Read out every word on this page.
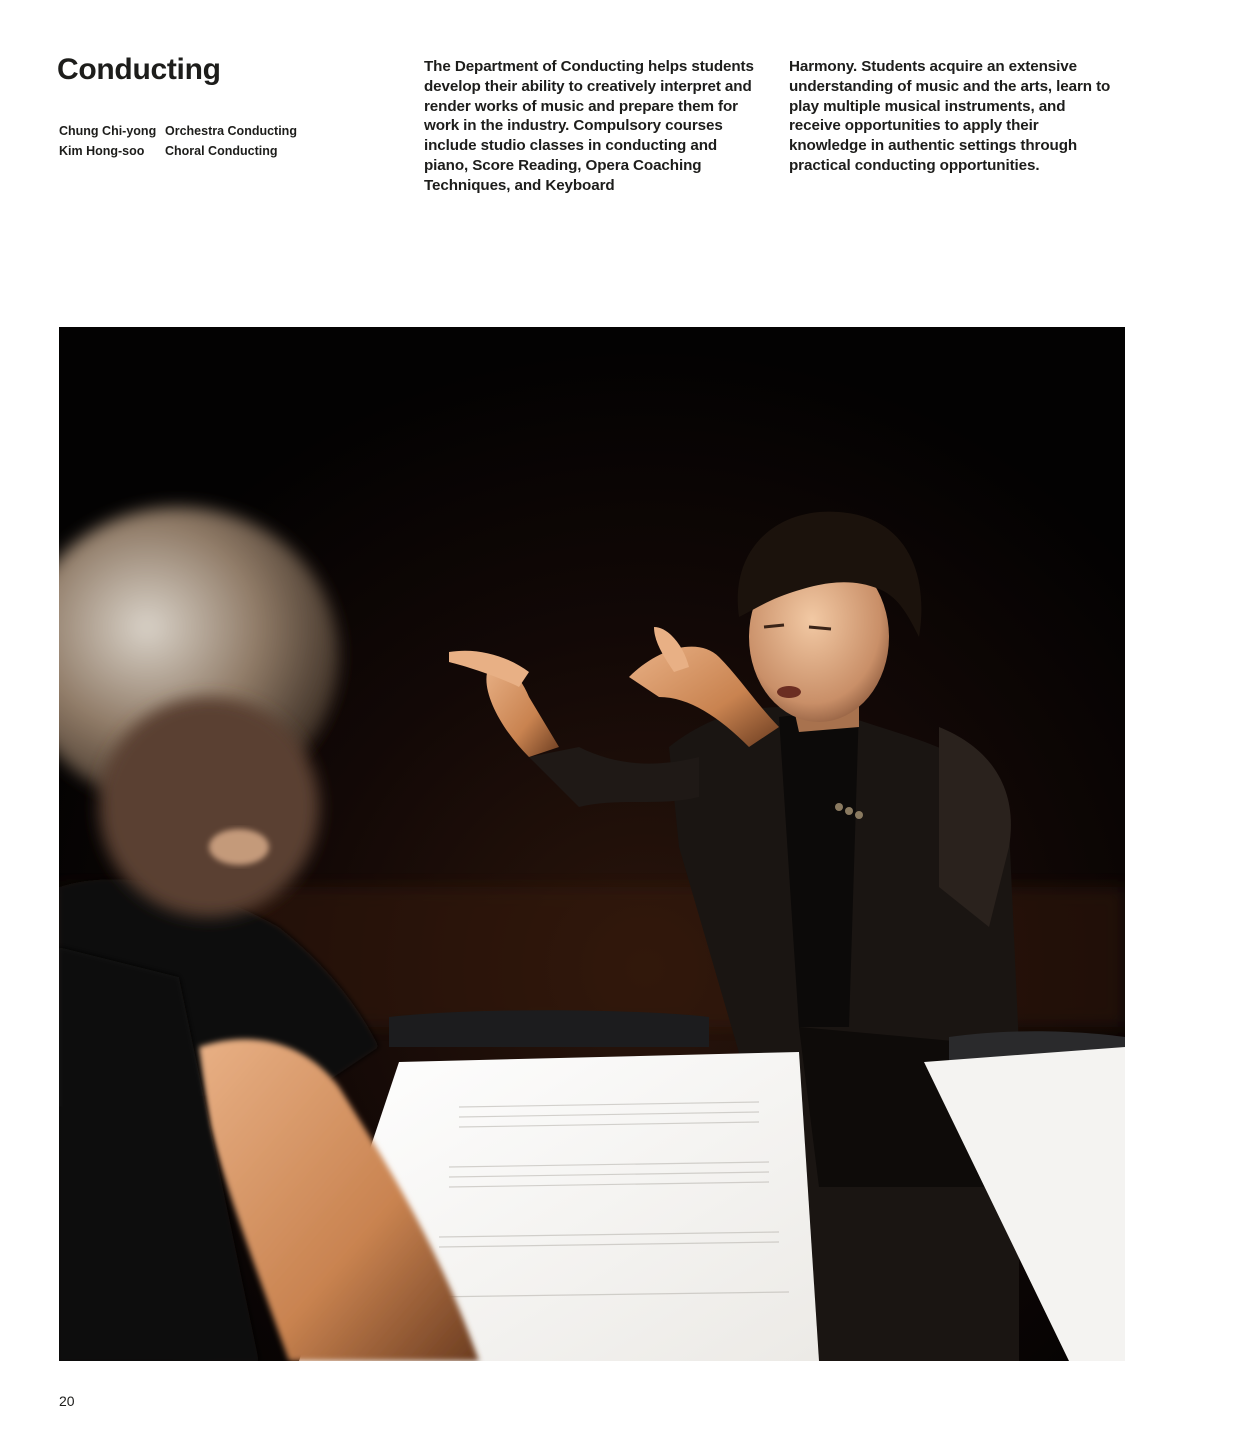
Conducting
Chung Chi-yong	Orchestra Conducting
Kim Hong-soo	Choral Conducting

The Department of Conducting helps students develop their ability to creatively interpret and render works of music and prepare them for work in the industry. Compulsory courses include studio classes in conducting and piano, Score Reading, Opera Coaching Techniques, and Keyboard

Harmony. Students acquire an extensive understanding of music and the arts, learn to play multiple musical instruments, and receive opportunities to apply their knowledge in authentic settings through practical conducting opportunities.

20
